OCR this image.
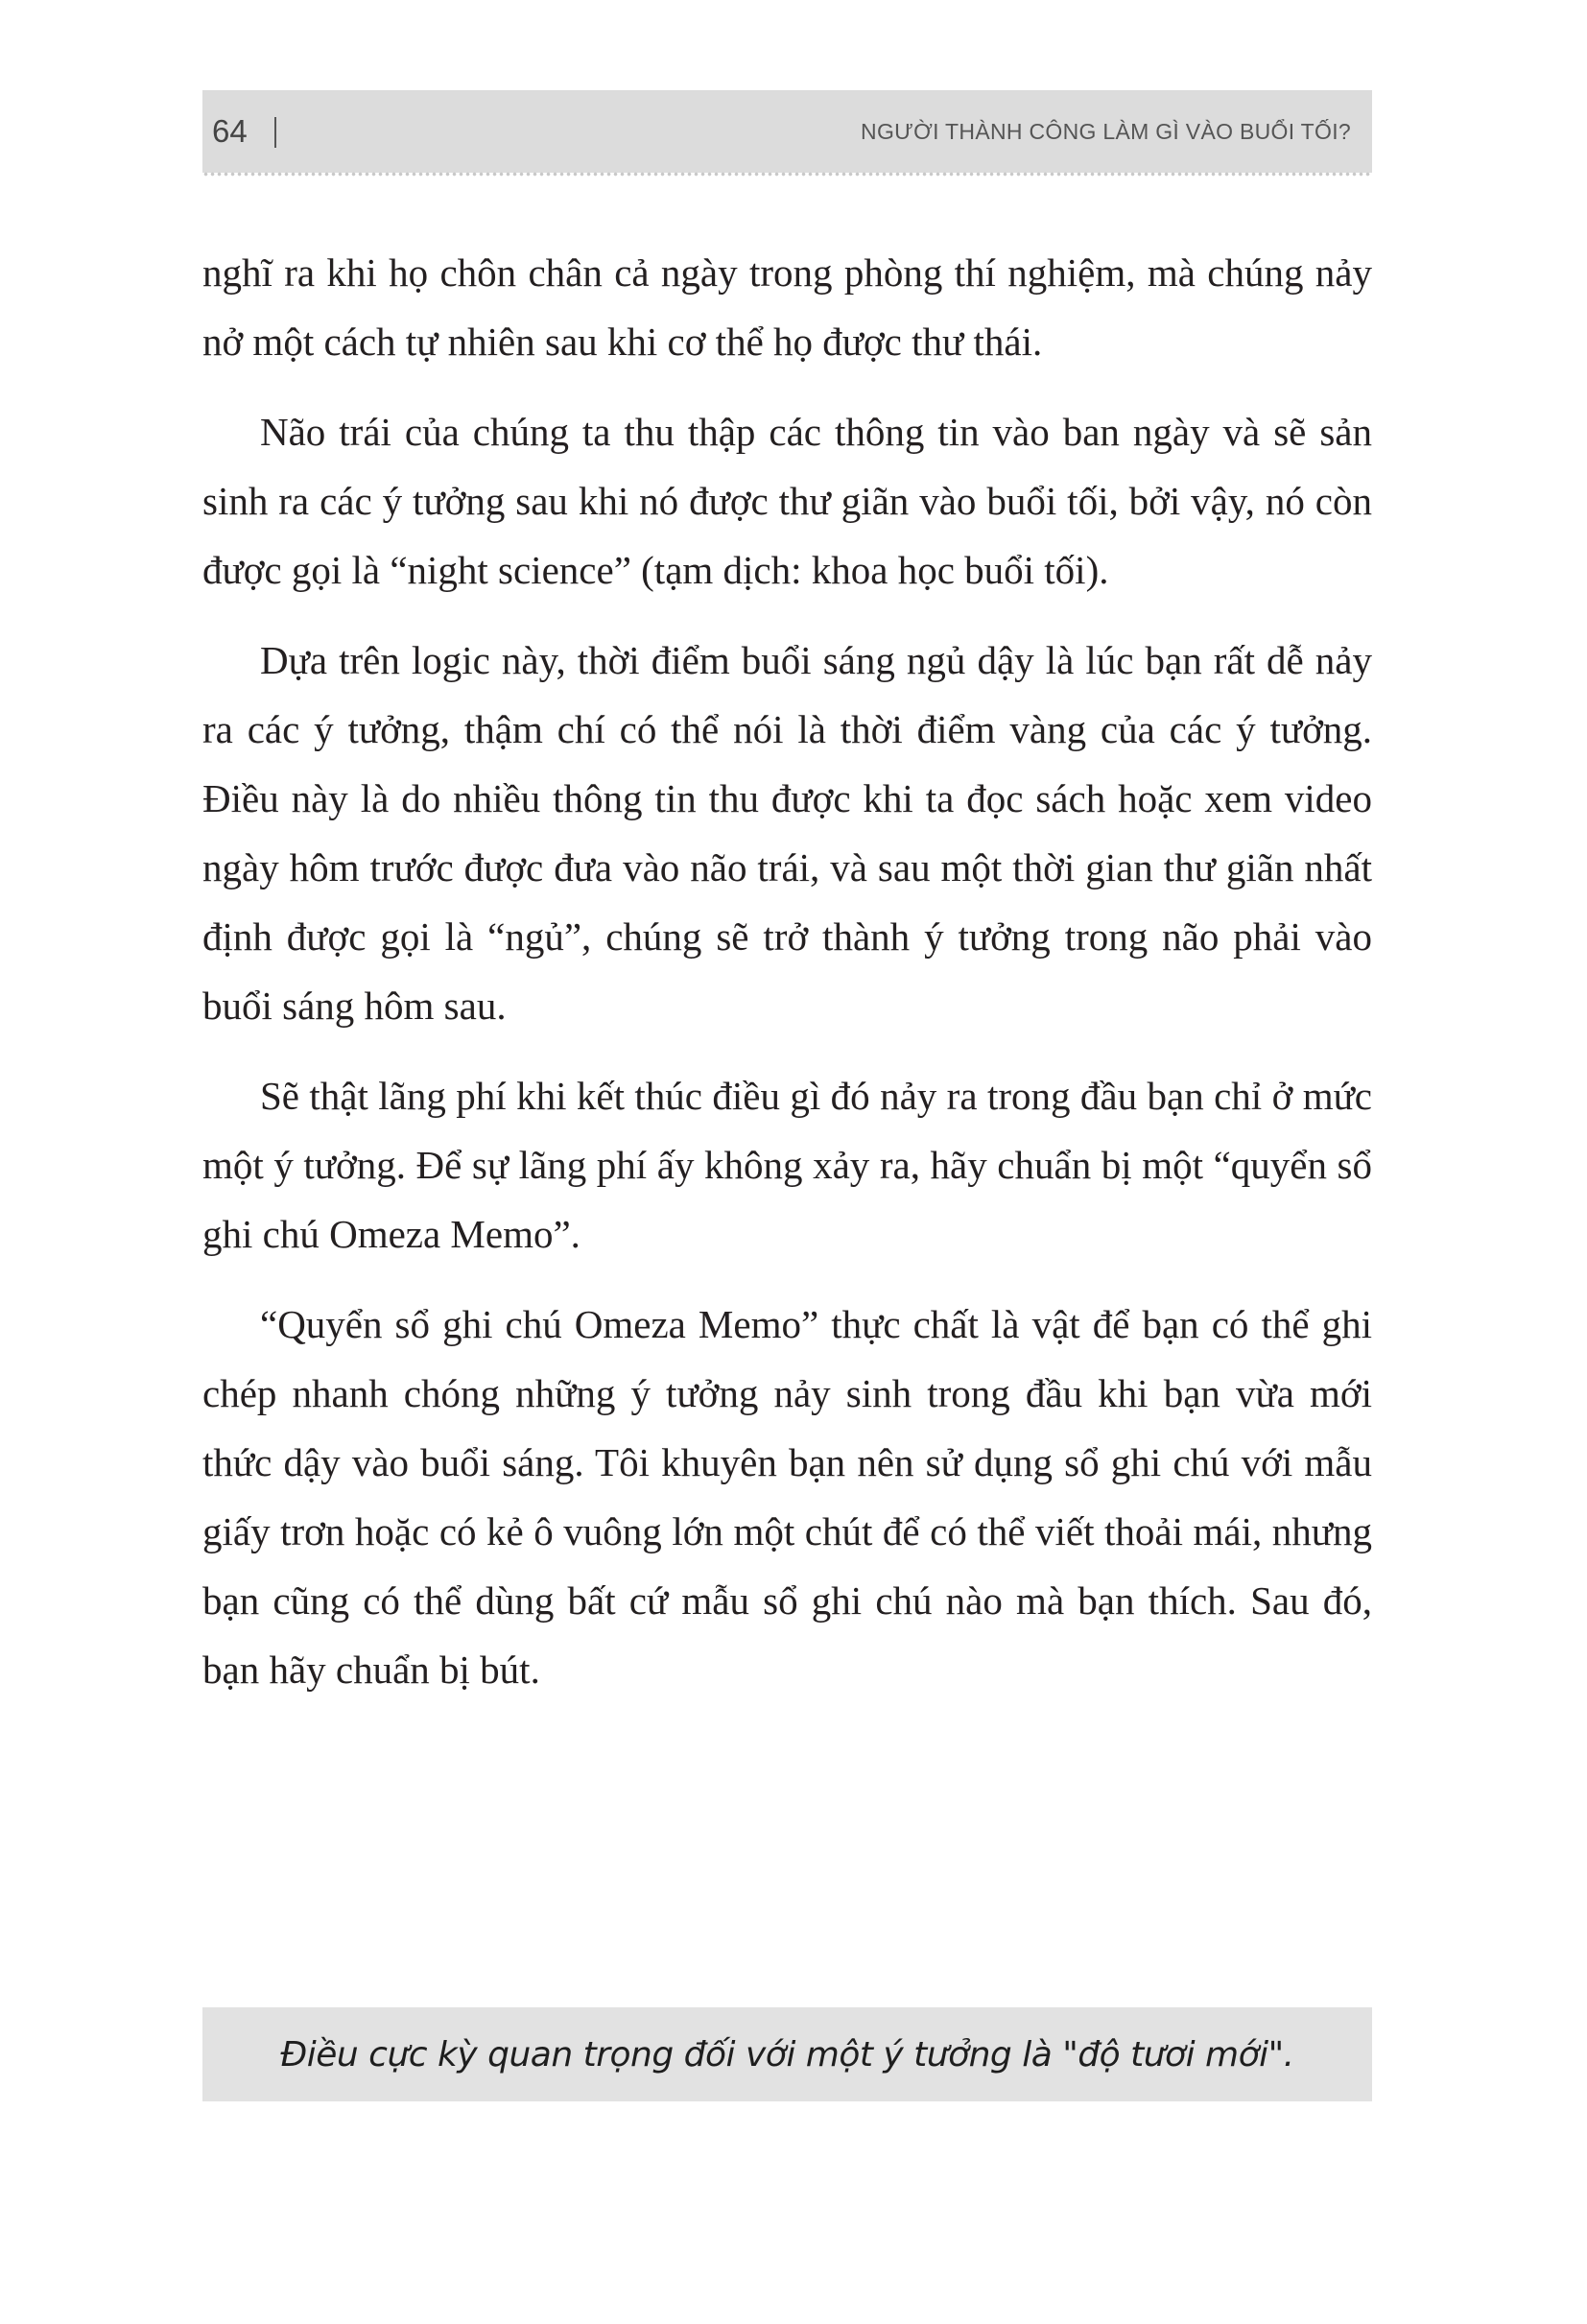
64	NGƯỜI THÀNH CÔNG LÀM GÌ VÀO BUỔI TỐI?

nghĩ ra khi họ chôn chân cả ngày trong phòng thí nghiệm, mà chúng nảy nở một cách tự nhiên sau khi cơ thể họ được thư thái.

Não trái của chúng ta thu thập các thông tin vào ban ngày và sẽ sản sinh ra các ý tưởng sau khi nó được thư giãn vào buổi tối, bởi vậy, nó còn được gọi là “night science” (tạm dịch: khoa học buổi tối).

Dựa trên logic này, thời điểm buổi sáng ngủ dậy là lúc bạn rất dễ nảy ra các ý tưởng, thậm chí có thể nói là thời điểm vàng của các ý tưởng. Điều này là do nhiều thông tin thu được khi ta đọc sách hoặc xem video ngày hôm trước được đưa vào não trái, và sau một thời gian thư giãn nhất định được gọi là “ngủ”, chúng sẽ trở thành ý tưởng trong não phải vào buổi sáng hôm sau.

Sẽ thật lãng phí khi kết thúc điều gì đó nảy ra trong đầu bạn chỉ ở mức một ý tưởng. Để sự lãng phí ấy không xảy ra, hãy chuẩn bị một “quyển sổ ghi chú Omeza Memo”.

“Quyển sổ ghi chú Omeza Memo” thực chất là vật để bạn có thể ghi chép nhanh chóng những ý tưởng nảy sinh trong đầu khi bạn vừa mới thức dậy vào buổi sáng. Tôi khuyên bạn nên sử dụng sổ ghi chú với mẫu giấy trơn hoặc có kẻ ô vuông lớn một chút để có thể viết thoải mái, nhưng bạn cũng có thể dùng bất cứ mẫu sổ ghi chú nào mà bạn thích. Sau đó, bạn hãy chuẩn bị bút.

Điều cực kỳ quan trọng đối với một ý tưởng là "độ tươi mới".
